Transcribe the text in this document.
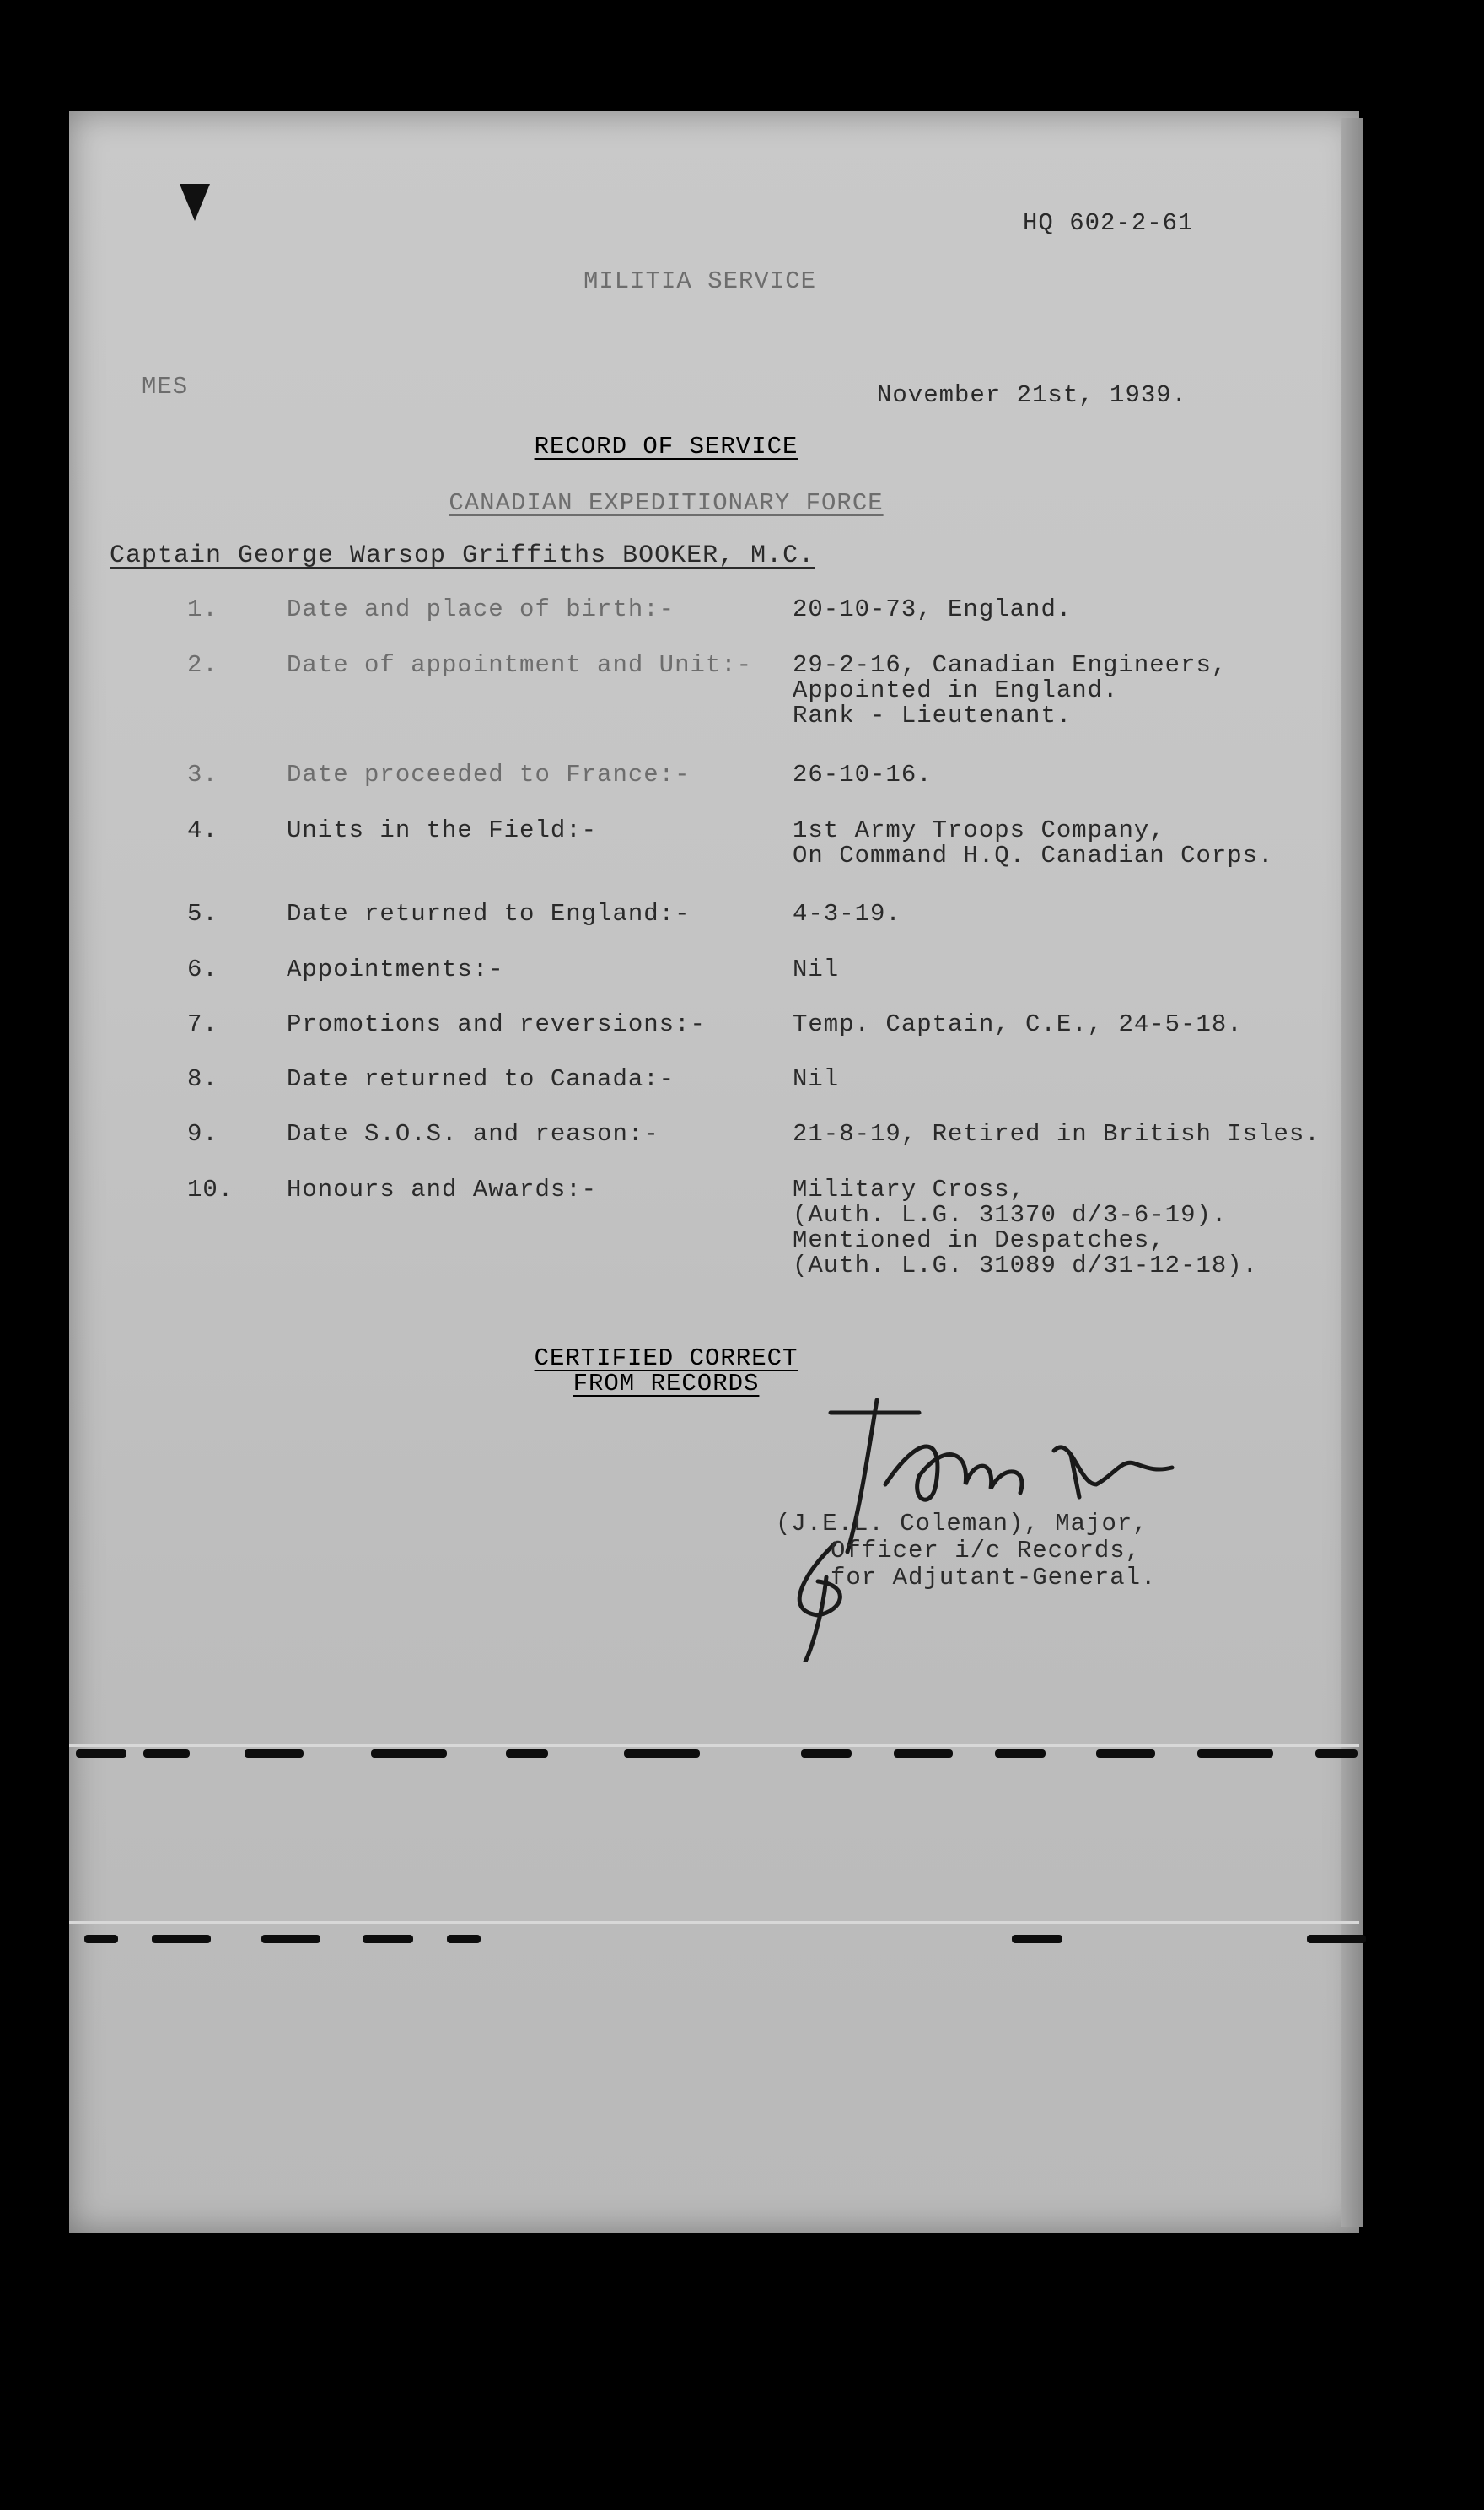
HQ 602-2-61
MILITIA SERVICE
MES	November 21st, 1939.
RECORD OF SERVICE
CANADIAN EXPEDITIONARY FORCE
Captain George Warsop Griffiths BOOKER, M.C.
1.	Date and place of birth:-	20-10-73, England.
2.	Date of appointment and Unit:- 29-2-16, Canadian Engineers,
Appointed in England.
Rank - Lieutenant.
3.	Date proceeded to France:-	26-10-16.
4.	Units in the Field:-	1st Army Troops Company,
On Command H.Q. Canadian Corps.
5.	Date returned to England:-	4-3-19.
6.	Appointments:-	Nil
7.	Promotions and reversions:-	Temp. Captain, C.E., 24-5-18.
8.	Date returned to Canada:-	Nil
9.	Date S.O.S. and reason:-	21-8-19, Retired in British Isles.
10. Honours and Awards:-	Military Cross,
(Auth. L.G. 31370 d/3-6-19).
Mentioned in Despatches,
(Auth. L.G. 31089 d/31-12-18).
CERTIFIED CORRECT
FROM RECORDS
JHColeman
(J.E.L. Coleman), Major,
Officer i/c Records,
for Adjutant-General.
